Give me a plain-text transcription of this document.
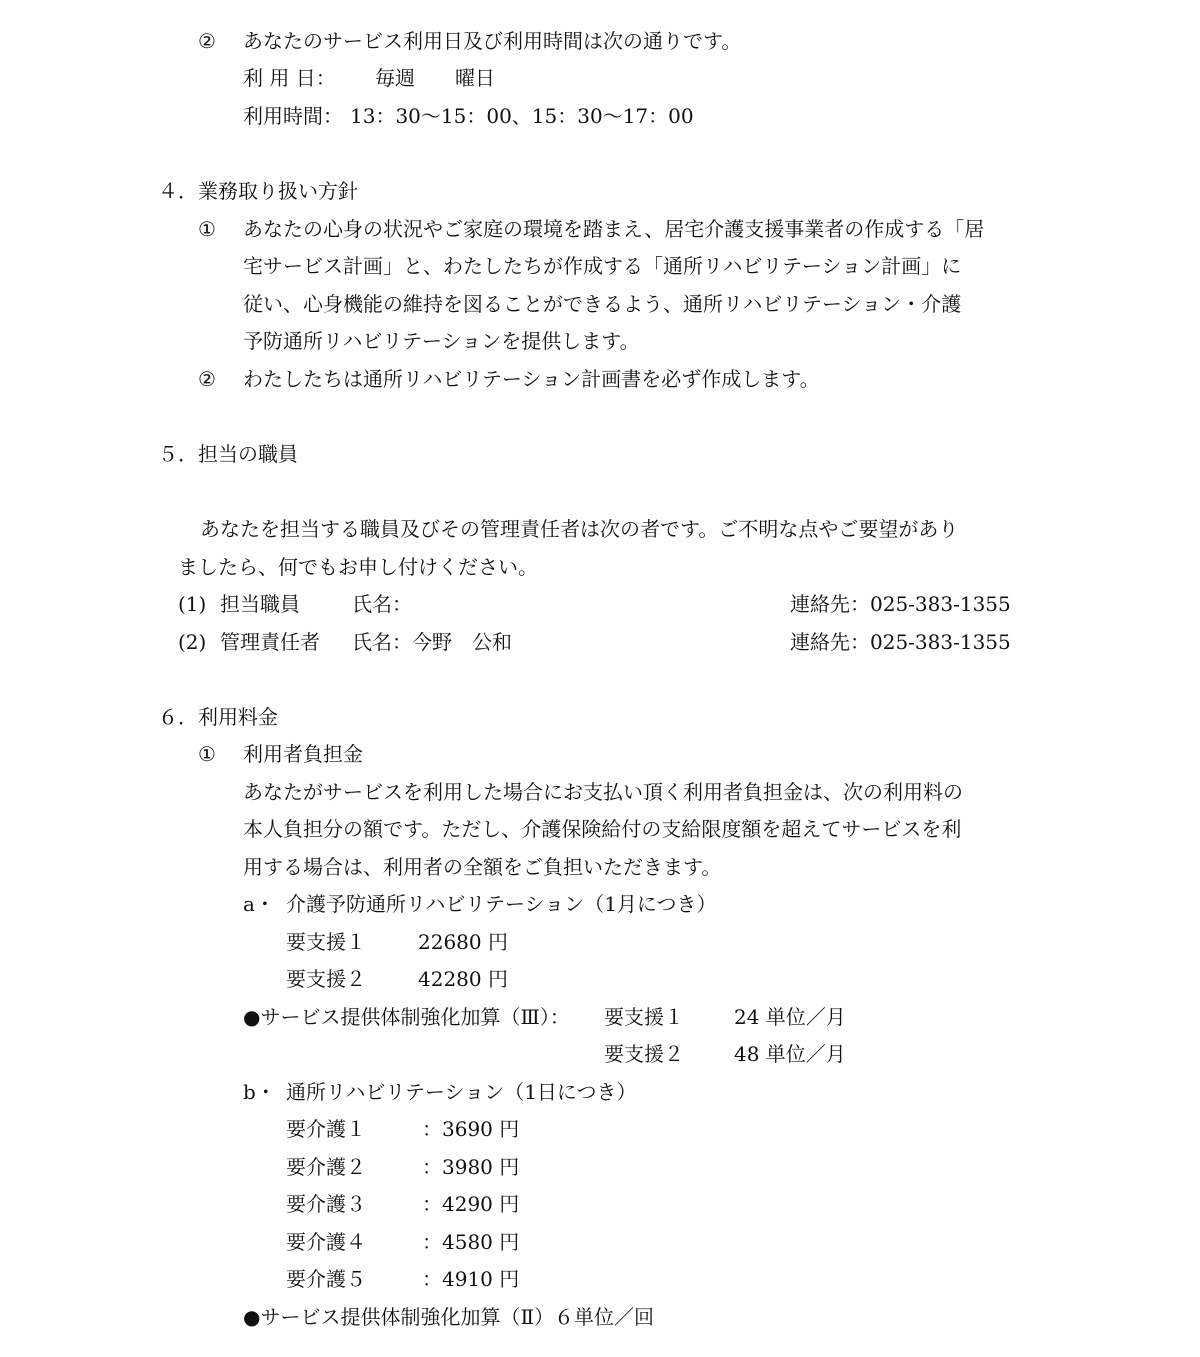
② あなたのサービス利用日及び利用時間は次の通りです。
利 用 日： 毎週　　曜日
利用時間： 13：30〜15：00、15：30〜17：00
４．業務取り扱い方針
① あなたの心身の状況やご家庭の環境を踏まえ、居宅介護支援事業者の作成する「居
宅サービス計画」と、わたしたちが作成する「通所リハビリテーション計画」に
従い、心身機能の維持を図ることができるよう、通所リハビリテーション・介護
予防通所リハビリテーションを提供します。
② わたしたちは通所リハビリテーション計画書を必ず作成します。
５．担当の職員
あなたを担当する職員及びその管理責任者は次の者です。ご不明な点やご要望があり
ましたら、何でもお申し付けください。
(1) 担当職員	氏名：	連絡先：025-383-1355
(2) 管理責任者 氏名：今野　公和	連絡先：025-383-1355
６．利用料金
① 利用者負担金
あなたがサービスを利用した場合にお支払い頂く利用者負担金は、次の利用料の
本人負担分の額です。ただし、介護保険給付の支給限度額を超えてサービスを利
用する場合は、利用者の全額をご負担いただきます。
a・ 介護予防通所リハビリテーション（1月につき）
要支援１	22680 円
要支援２	42280 円
●サービス提供体制強化加算（Ⅲ）： 要支援１	24 単位／月
要支援２	48 単位／月
b・ 通所リハビリテーション（1日につき）
要介護１	：3690 円
要介護２	：3980 円
要介護３	：4290 円
要介護４	：4580 円
要介護５	：4910 円
●サービス提供体制強化加算（Ⅱ）６単位／回
